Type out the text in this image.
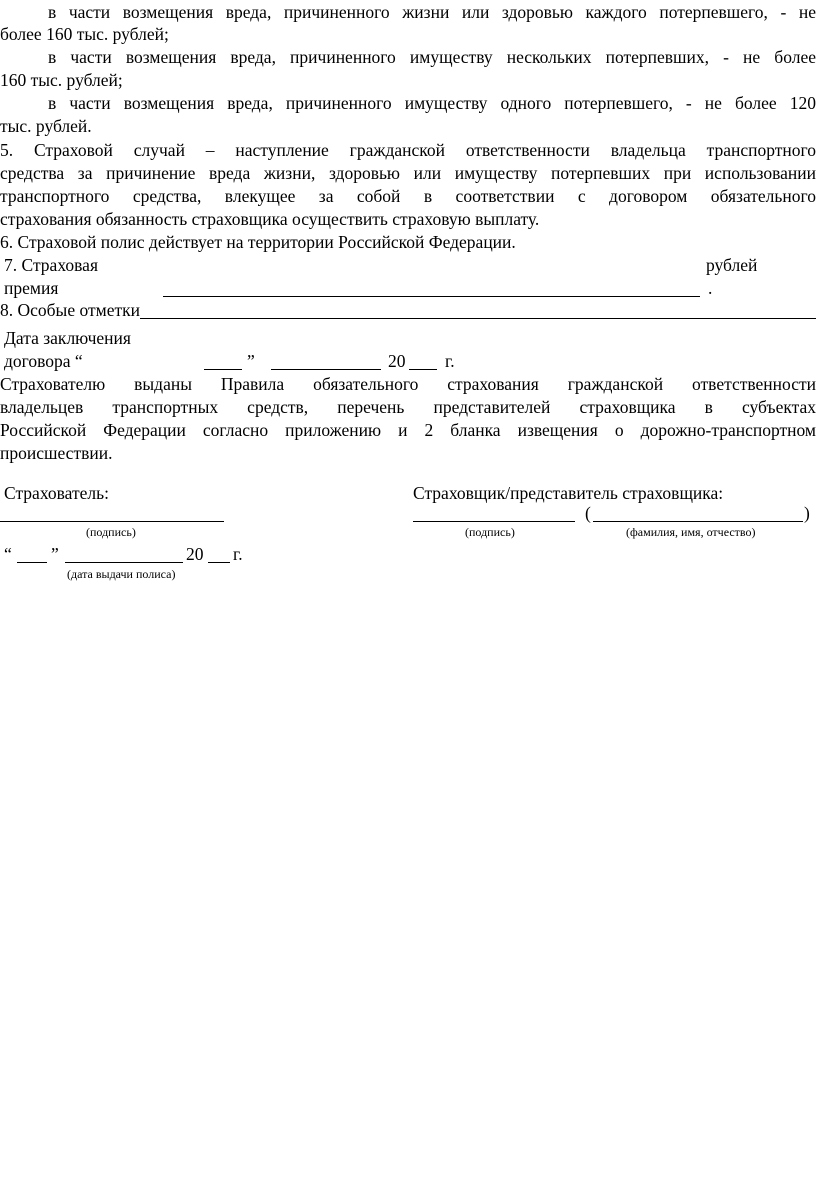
в части возмещения вреда, причиненного жизни или здоровью каждого потерпевшего, - не
более 160 тыс. рублей;
в части возмещения вреда, причиненного имуществу нескольких потерпевших, - не более
160 тыс. рублей;
в части возмещения вреда, причиненного имуществу одного потерпевшего, - не более 120
тыс. рублей.
5. Страховой случай – наступление гражданской ответственности владельца транспортного
средства за причинение вреда жизни, здоровью или имуществу потерпевших при использовании
транспортного средства, влекущее за собой в соответствии с договором обязательного
страхования обязанность страховщика осуществить страховую выплату.
6. Страховой полис действует на территории Российской Федерации.
7. Страховая	рублей
премия	.
8. Особые отметки
Дата заключения
договора “	”	20 г.
Страхователю выданы Правила обязательного страхования гражданской ответственности
владельцев транспортных средств, перечень представителей страховщика в субъектах
Российской Федерации согласно приложению и 2 бланка извещения о дорожно-транспортном
происшествии.
Страхователь:	Страховщик/представитель страховщика:
(подпись)	(подпись)
(	)
(фамилия, имя, отчество)
“ ”	20 г.
(дата выдачи полиса)
